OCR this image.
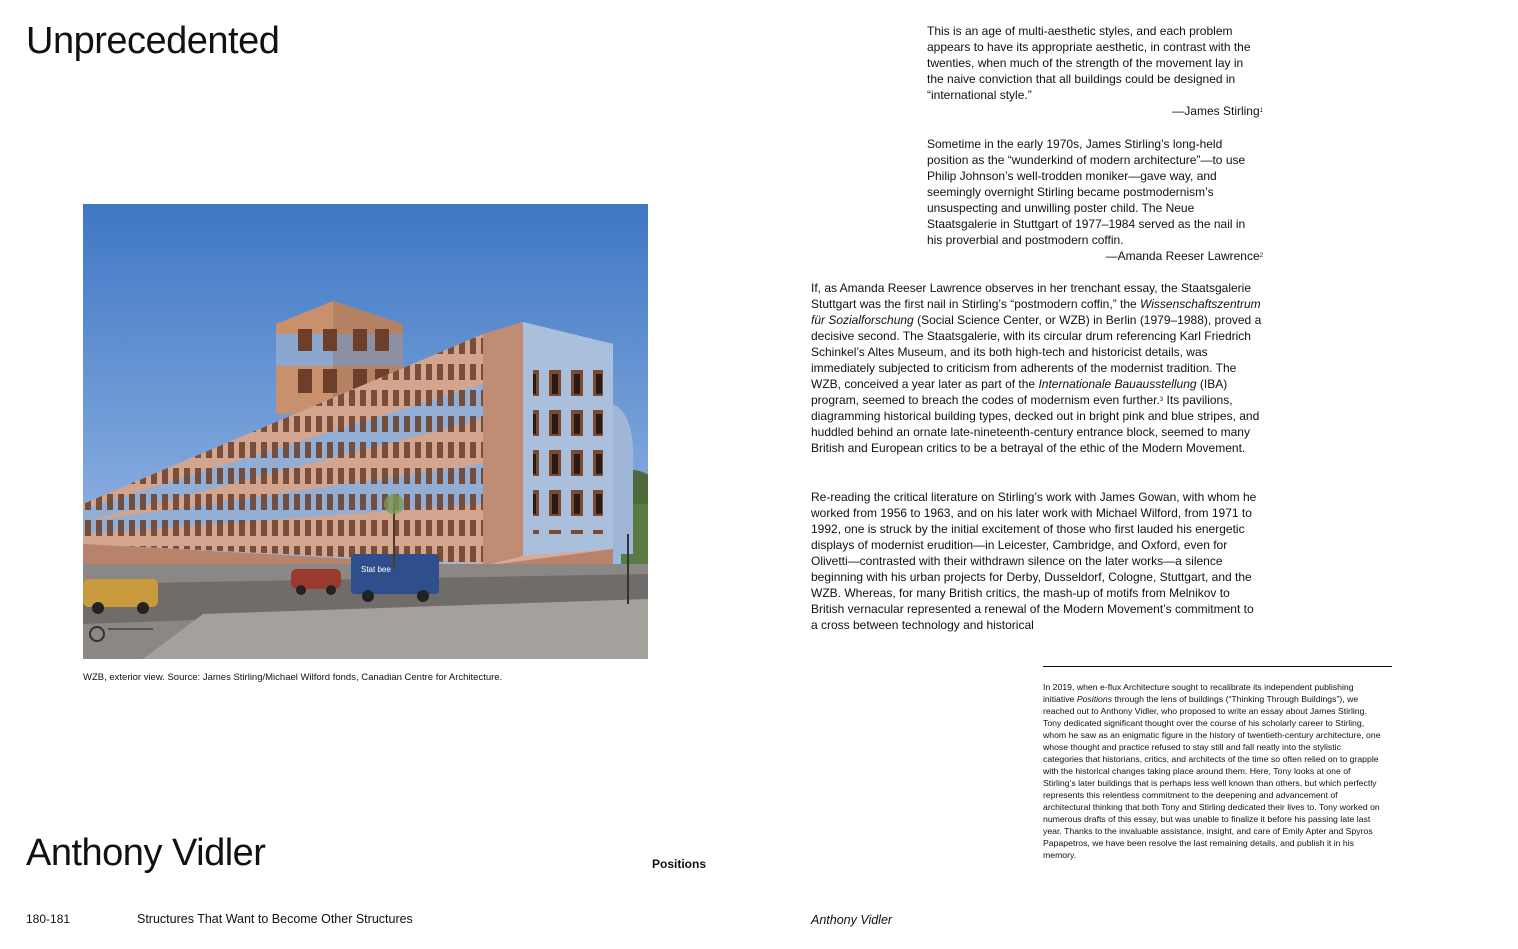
Unprecedented
Stat bee
WZB, exterior view. Source: James Stirling/Michael Wilford fonds, Canadian Centre for Architecture.
Anthony Vidler	Positions
180-181	Structures That Want to Become Other Structures	Anthony Vidler

This is an age of multi-aesthetic styles, and each problem appears to have its appropriate aesthetic, in contrast with the twenties, when much of the strength of the movement lay in the naive conviction that all buildings could be designed in “international style.”

—James Stirling$^1$

Sometime in the early 1970s, James Stirling’s long-held position as the “wunderkind of modern architecture”—to use Philip Johnson’s well-trodden moniker—gave way, and seemingly overnight Stirling became postmodernism’s unsuspecting and unwilling poster child. The Neue Staatsgalerie in Stuttgart of 1977–1984 served as the nail in his proverbial and postmodern coffin.

—Amanda Reeser Lawrence$^2$

If, as Amanda Reeser Lawrence observes in her trenchant essay, the Staatsgalerie Stuttgart was the first nail in Stirling’s “postmodern coffin,” the Wissenschaftszentrum für Sozialforschung (Social Science Center, or WZB) in Berlin (1979–1988), proved a decisive second. The Staatsgalerie, with its circular drum referencing Karl Friedrich Schinkel’s Altes Museum, and its both high-tech and historicist details, was immediately subjected to criticism from adherents of the modernist tradition. The WZB, conceived a year later as part of the Internationale Bauausstellung (IBA) program, seemed to breach the codes of modernism even further.$^3$ Its pavilions, diagramming historical building types, decked out in bright pink and blue stripes, and huddled behind an ornate late-nineteenth-century entrance block, seemed to many British and European critics to be a betrayal of the ethic of the Modern Movement.

Re-reading the critical literature on Stirling’s work with James Gowan, with whom he worked from 1956 to 1963, and on his later work with Michael Wilford, from 1971 to 1992, one is struck by the initial excitement of those who first lauded his energetic displays of modernist erudition—in Leicester, Cambridge, and Oxford, even for Olivetti—contrasted with their withdrawn silence on the later works—a silence beginning with his urban projects for Derby, Dusseldorf, Cologne, Stuttgart, and the WZB. Whereas, for many British critics, the mash-up of motifs from Melnikov to British vernacular represented a renewal of the Modern Movement’s commitment to a cross between technology and historical

In 2019, when e-flux Architecture sought to recalibrate its independent publishing initiative Positions through the lens of buildings (“Thinking Through Buildings”), we reached out to Anthony Vidler, who proposed to write an essay about James Stirling. Tony dedicated significant thought over the course of his scholarly career to Stirling, whom he saw as an enigmatic figure in the history of twentieth-century architecture, one whose thought and practice refused to stay still and fall neatly into the stylistic categories that historians, critics, and architects of the time so often relied on to grapple with the historical changes taking place around them. Here, Tony looks at one of Stirling’s later buildings that is perhaps less well known than others, but which perfectly represents this relentless commitment to the deepening and advancement of architectural thinking that both Tony and Stirling dedicated their lives to. Tony worked on numerous drafts of this essay, but was unable to finalize it before his passing late last year. Thanks to the invaluable assistance, insight, and care of Emily Apter and Spyros Papapetros, we have been resolve the last remaining details, and publish it in his memory.
